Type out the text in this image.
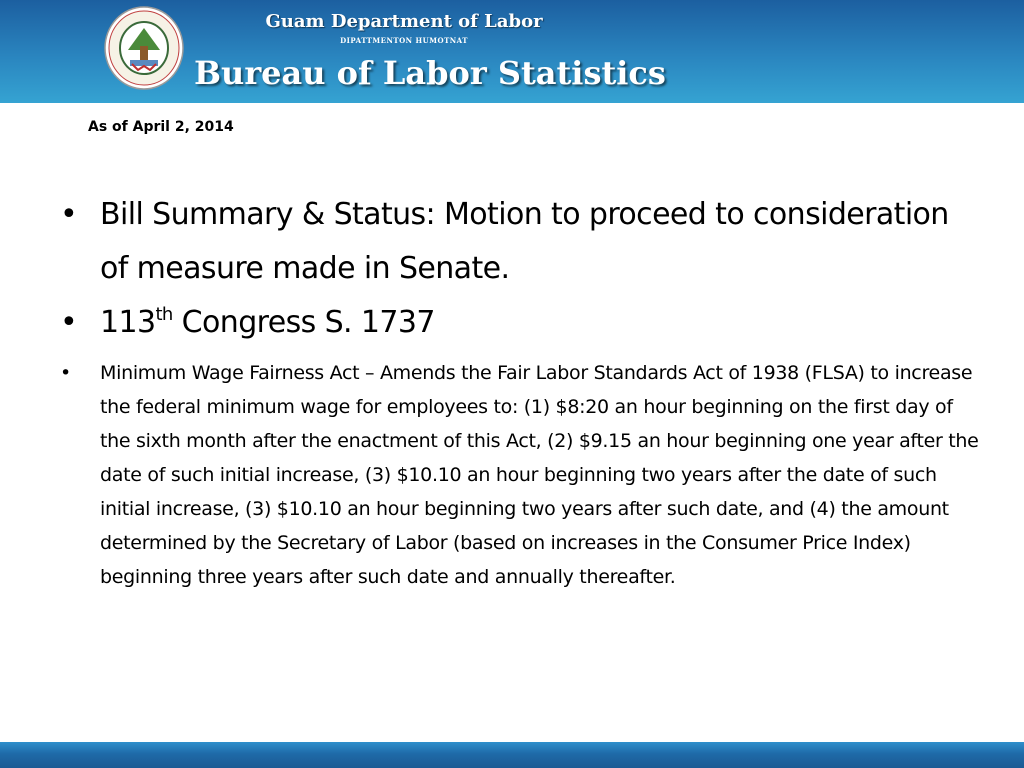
Guam Department of Labor
DIPATTMENTON HUMOTNAT
Bureau of Labor Statistics
As of April 2, 2014
• Bill Summary & Status: Motion to proceed to consideration of measure made in Senate.
• 113th Congress S. 1737
• Minimum Wage Fairness Act – Amends the Fair Labor Standards Act of 1938 (FLSA) to increase the federal minimum wage for employees to: (1) $8:20 an hour beginning on the first day of the sixth month after the enactment of this Act, (2) $9.15 an hour beginning one year after the date of such initial increase, (3) $10.10 an hour beginning two years after the date of such initial increase, (3) $10.10 an hour beginning two years after such date, and (4) the amount determined by the Secretary of Labor (based on increases in the Consumer Price Index) beginning three years after such date and annually thereafter.
